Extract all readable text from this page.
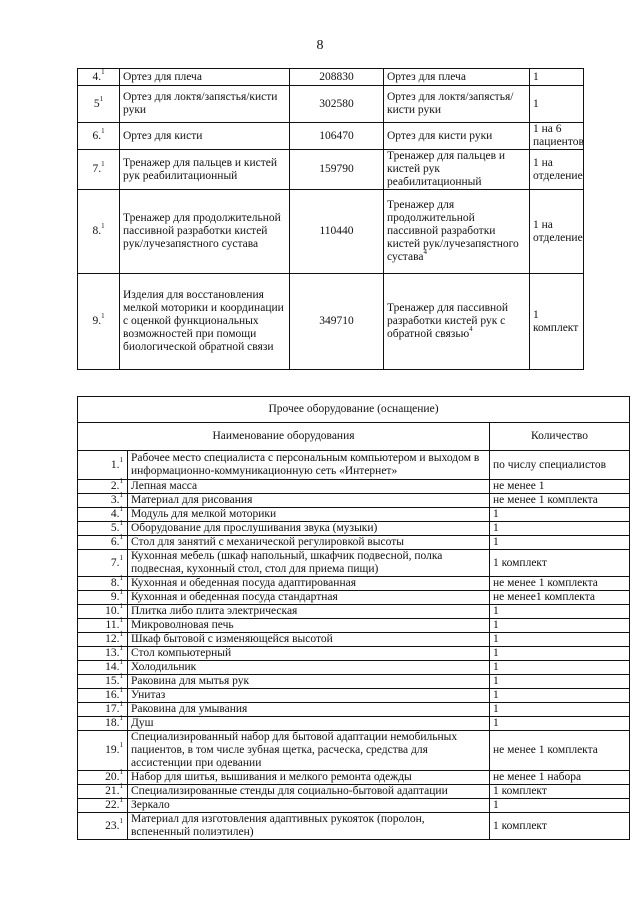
8
4.$^1$	Ортез для плеча	208830	Ортез для плеча	1
$5^1$	Ортез для локтя/запястья/кисти руки	302580	Ортез для локтя/запястья/кисти руки	1
6.$^1$	Ортез для кисти	106470	Ортез для кисти руки	1 на 6 пациентов
7.$^1$	Тренажер для пальцев и кистей рук реабилитационный	159790	Тренажер для пальцев и кистей рук реабилитационный	1 на отделение
8.$^1$	Тренажер для продолжительной пассивной разработки кистей рук/лучезапястного сустава	110440	Тренажер для продолжительной пассивной разработки кистей рук/лучезапястного сустава$^4$	1 на отделение
9.$^1$	Изделия для восстановления мелкой моторики и координации с оценкой функциональных возможностей при помощи биологической обратной связи	349710	Тренажер для пассивной разработки кистей рук с обратной связью$^4$	1 комплект
Прочее оборудование (оснащение)		
Наименование оборудования		Количество
1.$^1$	Рабочее место специалиста с персональным компьютером и выходом в информационно-коммуникационную сеть «Интернет»	по числу специалистов
2.$^1$	Лепная масса	не менее 1
3.$^1$	Материал для рисования	не менее 1 комплекта
4.$^1$	Модуль для мелкой моторики	1
5.$^1$	Оборудование для прослушивания звука (музыки)	1
6.$^1$	Стол для занятий с механической регулировкой высоты	1
7.$^1$	Кухонная мебель (шкаф напольный, шкафчик подвесной, полка подвесная, кухонный стол, стол для приема пищи)	1 комплект
8.$^1$	Кухонная и обеденная посуда адаптированная	не менее 1 комплекта
9.$^1$	Кухонная и обеденная посуда стандартная	не менее1 комплекта
10.$^1$	Плитка либо плита электрическая	1
11.$^1$	Микроволновая печь	1
12.$^1$	Шкаф бытовой с изменяющейся высотой	1
13.$^1$	Стол компьютерный	1
14.$^1$	Холодильник	1
15.$^1$	Раковина для мытья рук	1
16.$^1$	Унитаз	1
17.$^1$	Раковина для умывания	1
18.$^1$	Душ	1
19.$^1$	Специализированный набор для бытовой адаптации немобильных пациентов, в том числе зубная щетка, расческа, средства для ассистенции при одевании	не менее 1 комплекта
20.$^1$	Набор для шитья, вышивания и мелкого ремонта одежды	не менее 1 набора
21.$^1$	Специализированные стенды для социально-бытовой адаптации	1 комплект
22.$^1$	Зеркало	1
23.$^1$	Материал для изготовления адаптивных рукояток (поролон, вспененный полиэтилен)	1 комплект
